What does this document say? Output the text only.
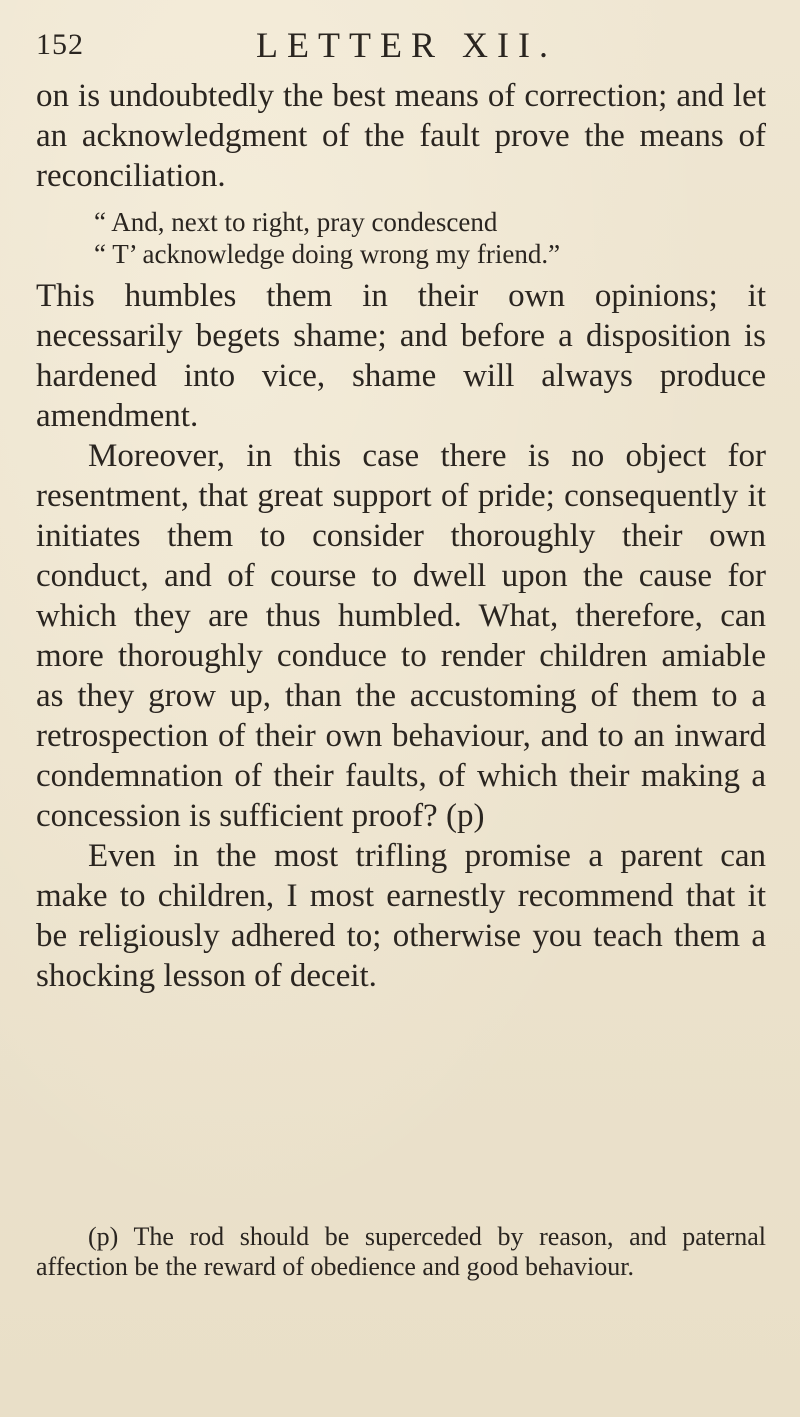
152	LETTER XII.

on is undoubtedly the best means of correction; and let an acknowledgment of the fault prove the means of reconciliation.

“ And, next to right, pray condescend
“ T’ acknowledge doing wrong my friend.”

This humbles them in their own opinions; it necessarily begets shame; and before a disposition is hardened into vice, shame will always produce amendment.

Moreover, in this case there is no object for resentment, that great support of pride; consequently it initiates them to consider thoroughly their own conduct, and of course to dwell upon the cause for which they are thus humbled. What, therefore, can more thoroughly conduce to render children amiable as they grow up, than the accustoming of them to a retrospection of their own behaviour, and to an inward condemnation of their faults, of which their making a concession is sufficient proof? (p)

Even in the most trifling promise a parent can make to children, I most earnestly recommend that it be religiously adhered to; otherwise you teach them a shocking lesson of deceit.

(p) The rod should be superceded by reason, and paternal affection be the reward of obedience and good behaviour.
